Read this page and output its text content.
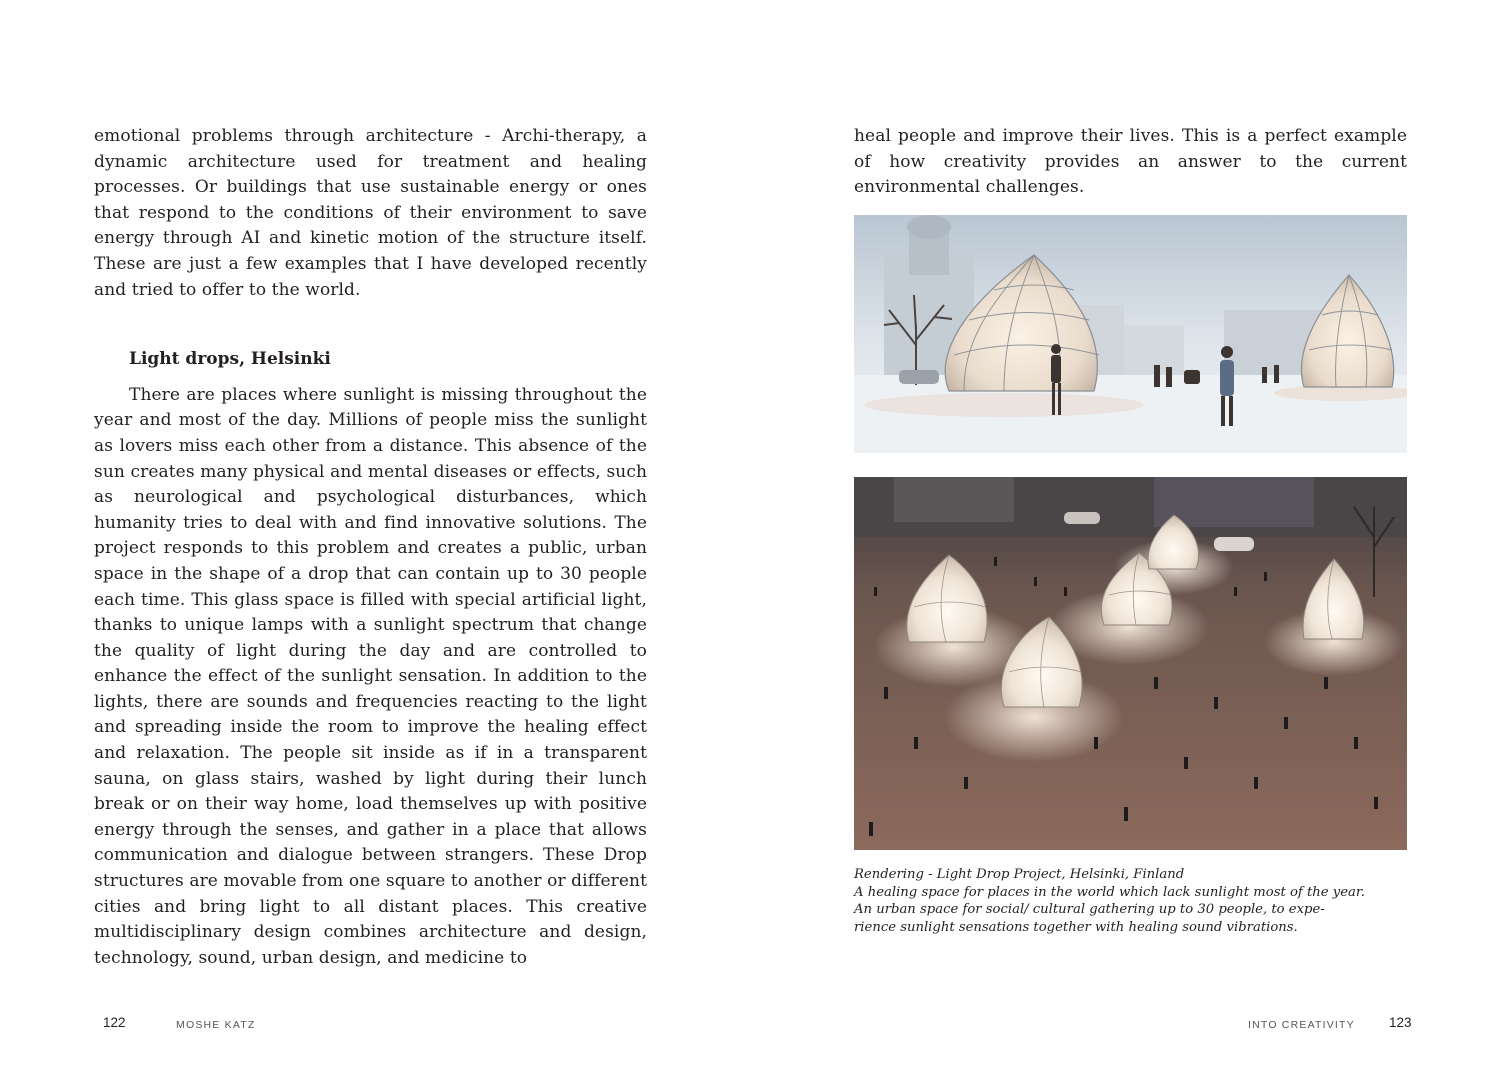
emotional problems through architecture - Archi-therapy, a dynamic architecture used for treatment and healing processes. Or buildings that use sustainable energy or ones that respond to the conditions of their environment to save energy through AI and kinetic motion of the structure itself. These are just a few examples that I have developed recently and tried to offer to the world.

Light drops, Helsinki

There are places where sunlight is missing throughout the year and most of the day. Millions of people miss the sunlight as lovers miss each other from a distance. This absence of the sun creates many physical and mental diseases or effects, such as neurological and psychological disturbances, which humanity tries to deal with and find innovative solutions. The project responds to this problem and creates a public, urban space in the shape of a drop that can contain up to 30 people each time. This glass space is filled with special artificial light, thanks to unique lamps with a sunlight spectrum that change the quality of light during the day and are controlled to enhance the effect of the sunlight sensation. In addition to the lights, there are sounds and frequencies reacting to the light and spreading inside the room to improve the healing effect and relaxation. The people sit inside as if in a transparent sauna, on glass stairs, washed by light during their lunch break or on their way home, load themselves up with positive energy through the senses, and gather in a place that allows communication and dialogue between strangers. These Drop structures are movable from one square to another or different cities and bring light to all distant places. This creative multidisciplinary design combines architecture and design, technology, sound, urban design, and medicine to

122	MOSHE KATZ

heal people and improve their lives. This is a perfect example of how creativity provides an answer to the current environmental challenges.

Rendering - Light Drop Project, Helsinki, Finland
A healing space for places in the world which lack sunlight most of the year.
An urban space for social/ cultural gathering up to 30 people, to expe-
rience sunlight sensations together with healing sound vibrations.
INTO CREATIVITY	123
